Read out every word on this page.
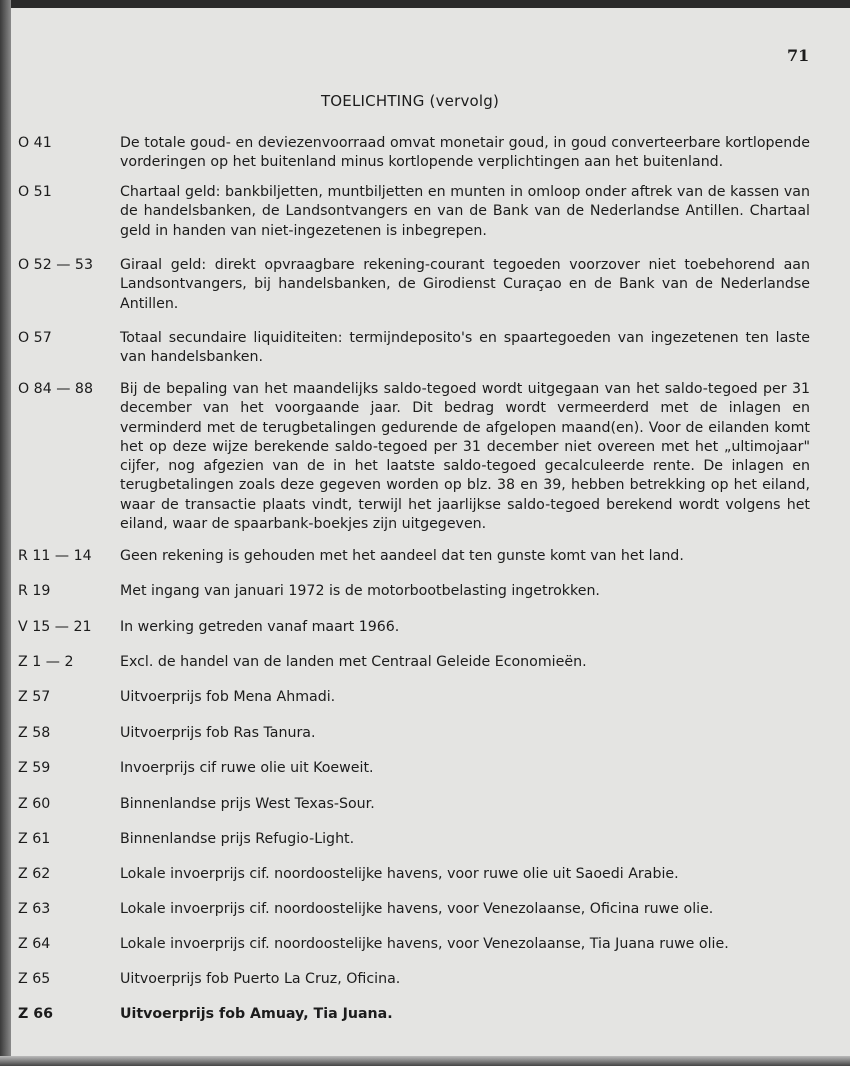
71
TOELICHTING (vervolg)
O 41	De totale goud- en deviezenvoorraad omvat monetair goud, in goud converteerbare kortlopende vorderingen op het buitenland minus kortlopende verplichtingen aan het buitenland.
O 51	Chartaal geld: bankbiljetten, muntbiljetten en munten in omloop onder aftrek van de kassen van de handelsbanken, de Landsontvangers en van de Bank van de Nederlandse Antillen. Chartaal geld in handen van niet-ingezetenen is inbegrepen.
O 52 — 53	Giraal geld: direkt opvraagbare rekening-courant tegoeden voorzover niet toebehorend aan Landsontvangers, bij handelsbanken, de Girodienst Curaçao en de Bank van de Nederlandse Antillen.
O 57	Totaal secundaire liquiditeiten: termijndeposito's en spaartegoeden van ingezetenen ten laste van handelsbanken.
O 84 — 88	Bij de bepaling van het maandelijks saldo-tegoed wordt uitgegaan van het saldo-tegoed per 31 december van het voorgaande jaar. Dit bedrag wordt vermeerderd met de inlagen en verminderd met de terugbetalingen gedurende de afgelopen maand(en). Voor de eilanden komt het op deze wijze berekende saldo-tegoed per 31 december niet overeen met het „ultimojaar" cijfer, nog afgezien van de in het laatste saldo-tegoed gecalculeerde rente. De inlagen en terugbetalingen zoals deze gegeven worden op blz. 38 en 39, hebben betrekking op het eiland, waar de transactie plaats vindt, terwijl het jaarlijkse saldo-tegoed berekend wordt volgens het eiland, waar de spaarbank-boekjes zijn uitgegeven.
R 11 — 14	Geen rekening is gehouden met het aandeel dat ten gunste komt van het land.
R 19	Met ingang van januari 1972 is de motorbootbelasting ingetrokken.
V 15 — 21	In werking getreden vanaf maart 1966.
Z 1 — 2	Excl. de handel van de landen met Centraal Geleide Economieën.
Z 57	Uitvoerprijs fob Mena Ahmadi.
Z 58	Uitvoerprijs fob Ras Tanura.
Z 59	Invoerprijs cif ruwe olie uit Koeweit.
Z 60	Binnenlandse prijs West Texas-Sour.
Z 61	Binnenlandse prijs Refugio-Light.
Z 62	Lokale invoerprijs cif. noordoostelijke havens, voor ruwe olie uit Saoedi Arabie.
Z 63	Lokale invoerprijs cif. noordoostelijke havens, voor Venezolaanse, Oficina ruwe olie.
Z 64	Lokale invoerprijs cif. noordoostelijke havens, voor Venezolaanse, Tia Juana ruwe olie.
Z 65	Uitvoerprijs fob Puerto La Cruz, Oficina.
Z 66	Uitvoerprijs fob Amuay, Tia Juana.
